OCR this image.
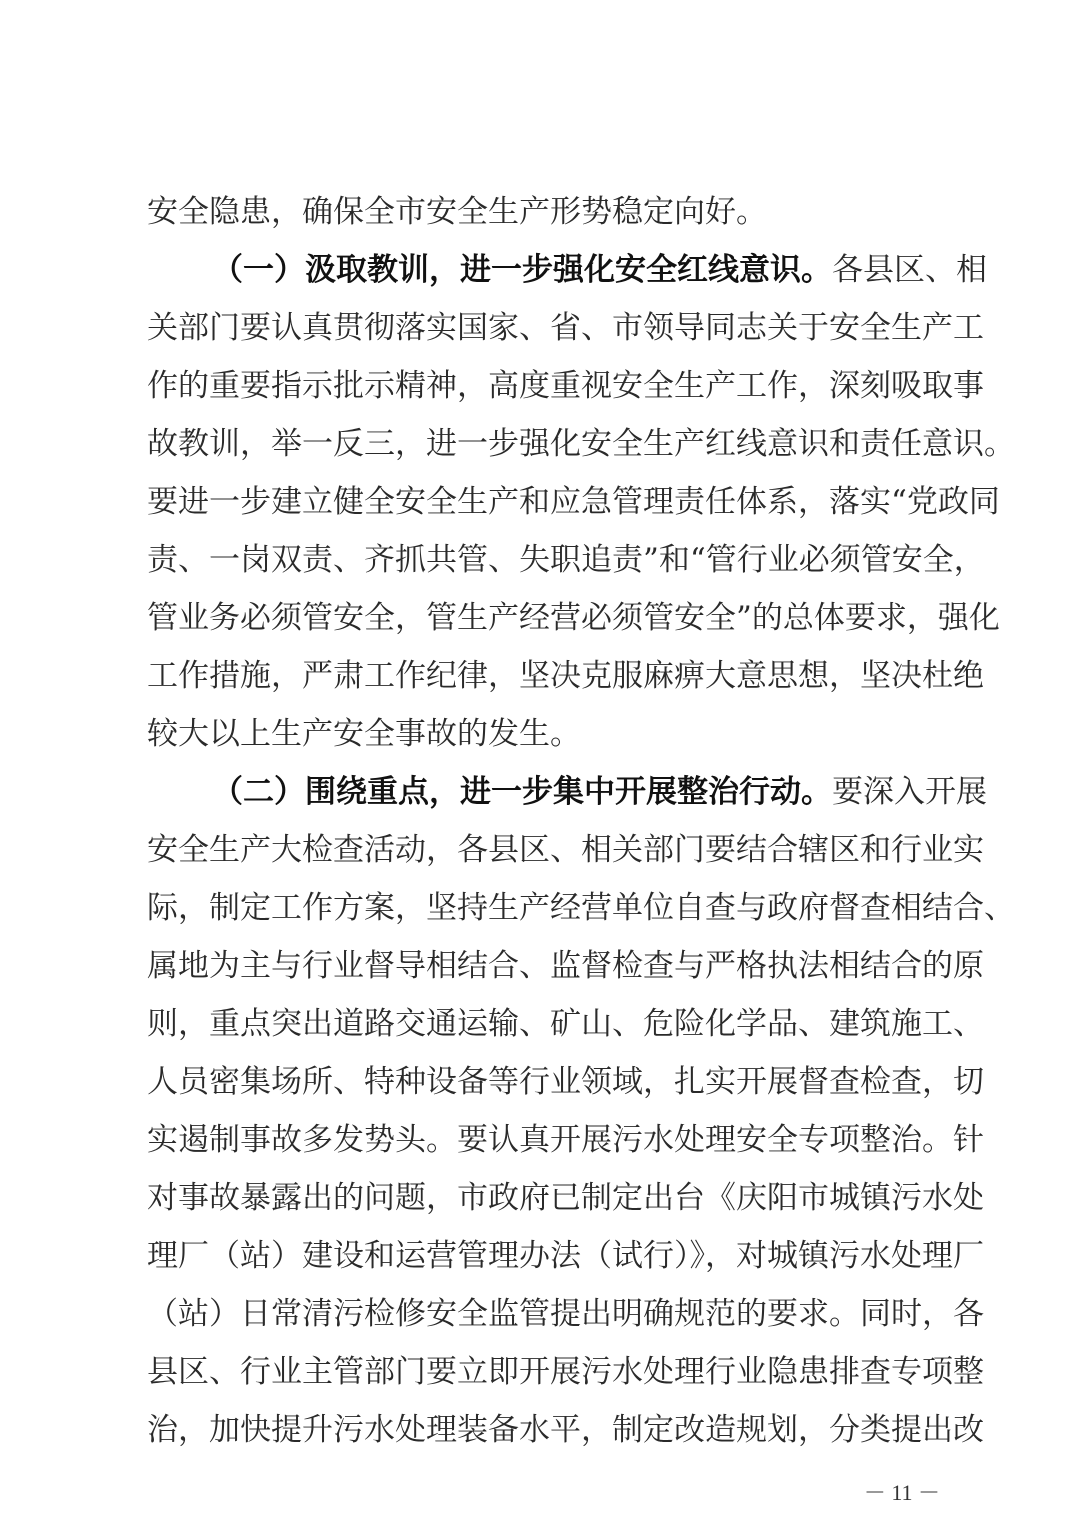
安全隐患，确保全市安全生产形势稳定向好。
（一）汲取教训，进一步强化安全红线意识。各县区、相
关部门要认真贯彻落实国家、省、市领导同志关于安全生产工
作的重要指示批示精神，高度重视安全生产工作，深刻吸取事
故教训，举一反三，进一步强化安全生产红线意识和责任意识。
要进一步建立健全安全生产和应急管理责任体系，落实“党政同
责、一岗双责、齐抓共管、失职追责”和“管行业必须管安全，
管业务必须管安全，管生产经营必须管安全”的总体要求，强化
工作措施，严肃工作纪律，坚决克服麻痹大意思想，坚决杜绝
较大以上生产安全事故的发生。
（二）围绕重点，进一步集中开展整治行动。要深入开展
安全生产大检查活动，各县区、相关部门要结合辖区和行业实
际，制定工作方案，坚持生产经营单位自查与政府督查相结合、
属地为主与行业督导相结合、监督检查与严格执法相结合的原
则，重点突出道路交通运输、矿山、危险化学品、建筑施工、
人员密集场所、特种设备等行业领域，扎实开展督查检查，切
实遏制事故多发势头。要认真开展污水处理安全专项整治。针
对事故暴露出的问题，市政府已制定出台《庆阳市城镇污水处
理厂（站）建设和运营管理办法（试行）》，对城镇污水处理厂
（站）日常清污检修安全监管提出明确规范的要求。同时，各
县区、行业主管部门要立即开展污水处理行业隐患排查专项整
治，加快提升污水处理装备水平，制定改造规划，分类提出改
－ 11 －
